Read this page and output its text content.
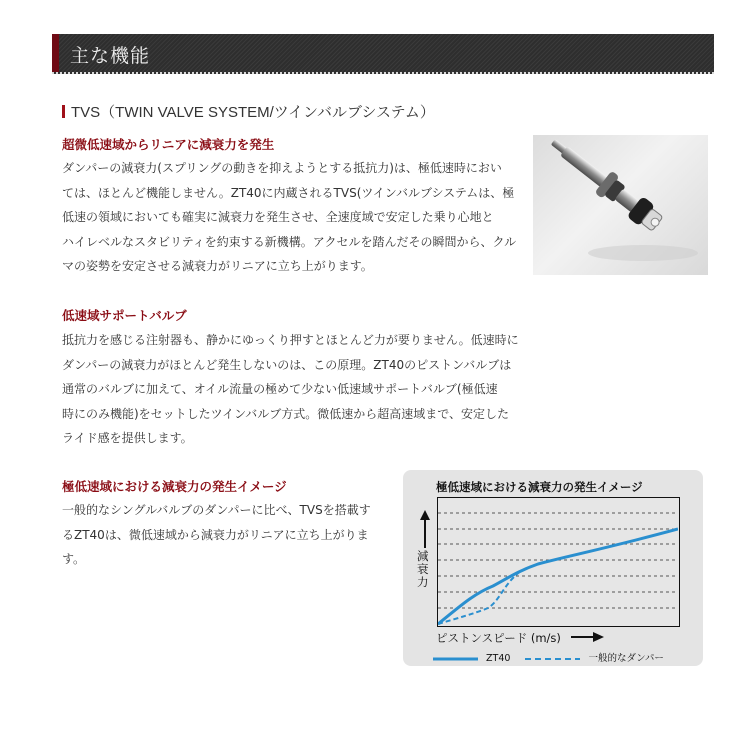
主な機能
TVS（TWIN VALVE SYSTEM/ツインバルブシステム）
超微低速域からリニアに減衰力を発生
ダンパーの減衰力(スプリングの動きを抑えようとする抵抗力)は、極低速時におい
ては、ほとんど機能しません。ZT40に内蔵されるTVS(ツインバルブシステムは、極
低速の領域においても確実に減衰力を発生させ、全速度域で安定した乗り心地と
ハイレベルなスタビリティを約束する新機構。アクセルを踏んだその瞬間から、クル
マの姿勢を安定させる減衰力がリニアに立ち上がります。
低速域サポートバルブ
抵抗力を感じる注射器も、静かにゆっくり押すとほとんど力が要りません。低速時に
ダンパーの減衰力がほとんど発生しないのは、この原理。ZT40のピストンバルブは
通常のバルブに加えて、オイル流量の極めて少ない低速域サポートバルブ(極低速
時にのみ機能)をセットしたツインバルブ方式。微低速から超高速域まで、安定した
ライド感を提供します。
極低速域における減衰力の発生イメージ
一般的なシングルバルブのダンパーに比べ、TVSを搭載す
るZT40は、微低速域から減衰力がリニアに立ち上がりま
す。
極低速域における減衰力の発生イメージ
減衰力
ピストンスピード (m/s)
ZT40	一般的なダンパー
